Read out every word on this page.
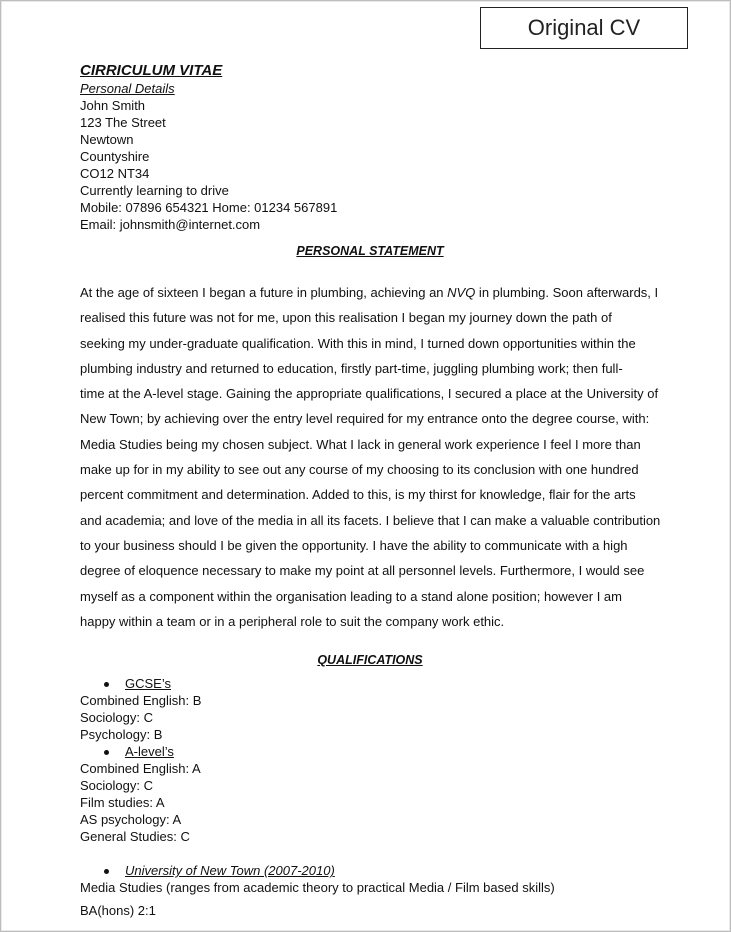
Original CV
CIRRICULUM VITAE
Personal Details
John Smith
123 The Street
Newtown
Countyshire
CO12 NT34
Currently learning to drive
Mobile: 07896 654321 Home: 01234 567891
Email: johnsmith@internet.com
PERSONAL STATEMENT

At the age of sixteen I began a future in plumbing, achieving an NVQ in plumbing. Soon afterwards, I

realised this future was not for me, upon this realisation I began my journey down the path of

seeking my under-graduate qualification. With this in mind, I turned down opportunities within the

plumbing industry and returned to education, firstly part-time, juggling plumbing work; then full-

time at the A-level stage. Gaining the appropriate qualifications, I secured a place at the University of

New Town; by achieving over the entry level required for my entrance onto the degree course, with:

Media Studies being my chosen subject. What I lack in general work experience I feel I more than

make up for in my ability to see out any course of my choosing to its conclusion with one hundred

percent commitment and determination. Added to this, is my thirst for knowledge, flair for the arts

and academia; and love of the media in all its facets. I believe that I can make a valuable contribution

to your business should I be given the opportunity. I have the ability to communicate with a high

degree of eloquence necessary to make my point at all personnel levels. Furthermore, I would see

myself as a component within the organisation leading to a stand alone position; however I am

happy within a team or in a peripheral role to suit the company work ethic.

QUALIFICATIONS
GCSE’s
Combined English: B
Sociology: C
Psychology: B
A-level’s
Combined English: A
Sociology: C
Film studies: A
AS psychology: A
General Studies: C
University of New Town (2007-2010)
Media Studies (ranges from academic theory to practical Media / Film based skills)
BA(hons) 2:1
